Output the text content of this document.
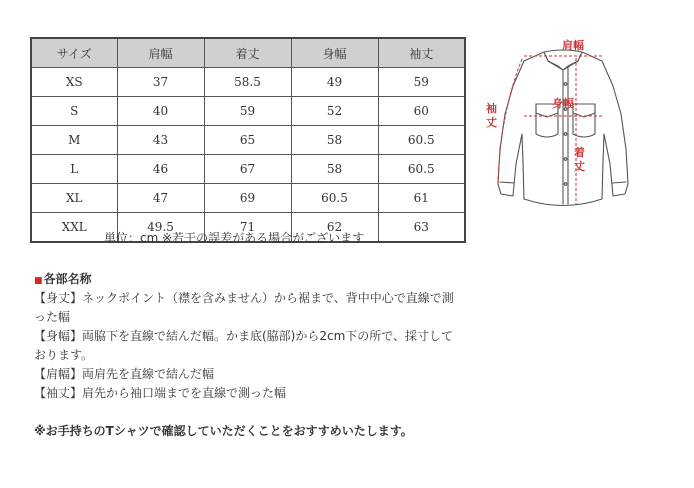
サイズ	肩幅	着丈	身幅	袖丈
XS	37	58.5	49	59
S	40	59	52	60
M	43	65	58	60.5
L	46	67	58	60.5
XL	47	69	60.5	61
XXL	49.5	71	62	63
単位：cm ※若干の誤差がある場合がございます
肩幅
袖
丈
身幅
着
丈
■各部名称
【身丈】ネックポイント（襟を含みません）から裾まで、背中中心で直線で測った幅
【身幅】両脇下を直線で結んだ幅。かま底(脇部)から2cm下の所で、採寸しております。
【肩幅】両肩先を直線で結んだ幅
【袖丈】肩先から袖口端までを直線で測った幅
※お手持ちのTシャツで確認していただくことをおすすめいたします。
